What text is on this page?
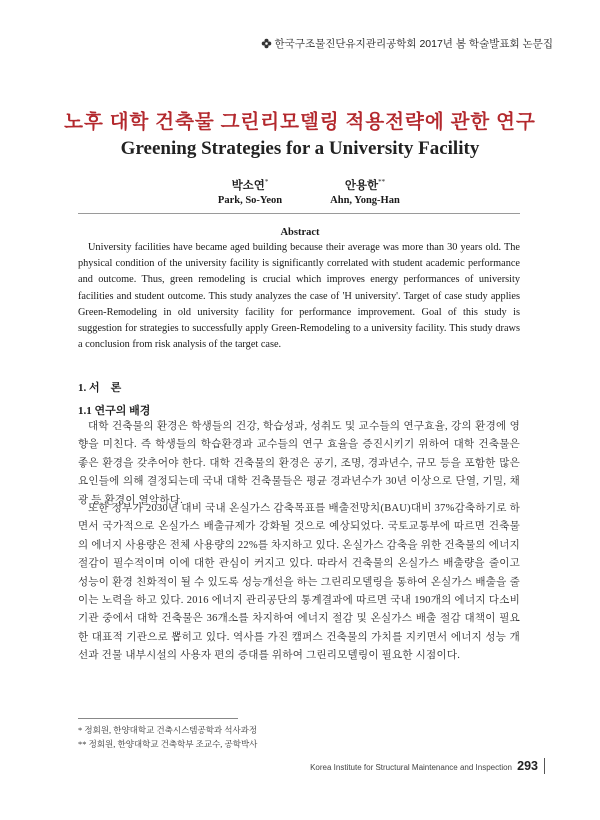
한국구조물진단유지관리공학회 2017년 봄 학술발표회 논문집
노후 대학 건축물 그린리모델링 적용전략에 관한 연구
Greening Strategies for a University Facility
박소연*
Park, So-Yeon
안용한**
Ahn, Yong-Han
Abstract

University facilities have became aged building because their average was more than 30 years old. The physical condition of the university facility is significantly correlated with student academic performance and outcome. Thus, green remodeling is crucial which improves energy performances of university facilities and student outcome. This study analyzes the case of 'H university'. Target of case study applies Green-Remodeling in old university facility for performance improvement. Goal of this study is suggestion for strategies to successfully apply Green-Remodeling to a university facility. This study draws a conclusion from risk analysis of the target case.

1. 서　론
1.1 연구의 배경

대학 건축물의 환경은 학생들의 건강, 학습성과, 성취도 및 교수들의 연구효율, 강의 환경에 영향을 미친다. 즉 학생들의 학습환경과 교수들의 연구 효율을 증진시키기 위하여 대학 건축물은 좋은 환경을 갖추어야 한다. 대학 건축물의 환경은 공기, 조명, 경과년수, 규모 등을 포함한 많은 요인들에 의해 결정되는데 국내 대학 건축물들은 평균 경과년수가 30년 이상으로 단열, 기밀, 채광 등 환경이 열악하다.

또한 정부가 2030년 대비 국내 온실가스 감축목표를 배출전망치(BAU)대비 37%감축하기로 하면서 국가적으로 온실가스 배출규제가 강화될 것으로 예상되었다. 국토교통부에 따르면 건축물의 에너지 사용량은 전체 사용량의 22%를 차지하고 있다. 온실가스 감축을 위한 건축물의 에너지 절감이 필수적이며 이에 대한 관심이 커지고 있다. 따라서 건축물의 온실가스 배출량을 줄이고 성능이 환경 친화적이 될 수 있도록 성능개선을 하는 그린리모델링을 통하여 온실가스 배출을 줄이는 노력을 하고 있다. 2016 에너지 관리공단의 통계결과에 따르면 국내 190개의 에너지 다소비 기관 중에서 대학 건축물은 36개소를 차지하여 에너지 절감 및 온실가스 배출 절감 대책이 필요한 대표적 기관으로 뽑히고 있다. 역사를 가진 캠퍼스 건축물의 가치를 지키면서 에너지 성능 개선과 건물 내부시설의 사용자 편의 증대를 위하여 그린리모델링이 필요한 시점이다.

* 정회원, 한양대학교 건축시스템공학과 석사과정
** 정회원, 한양대학교 건축학부 조교수, 공학박사
Korea Institute for Structural Maintenance and Inspection 293
